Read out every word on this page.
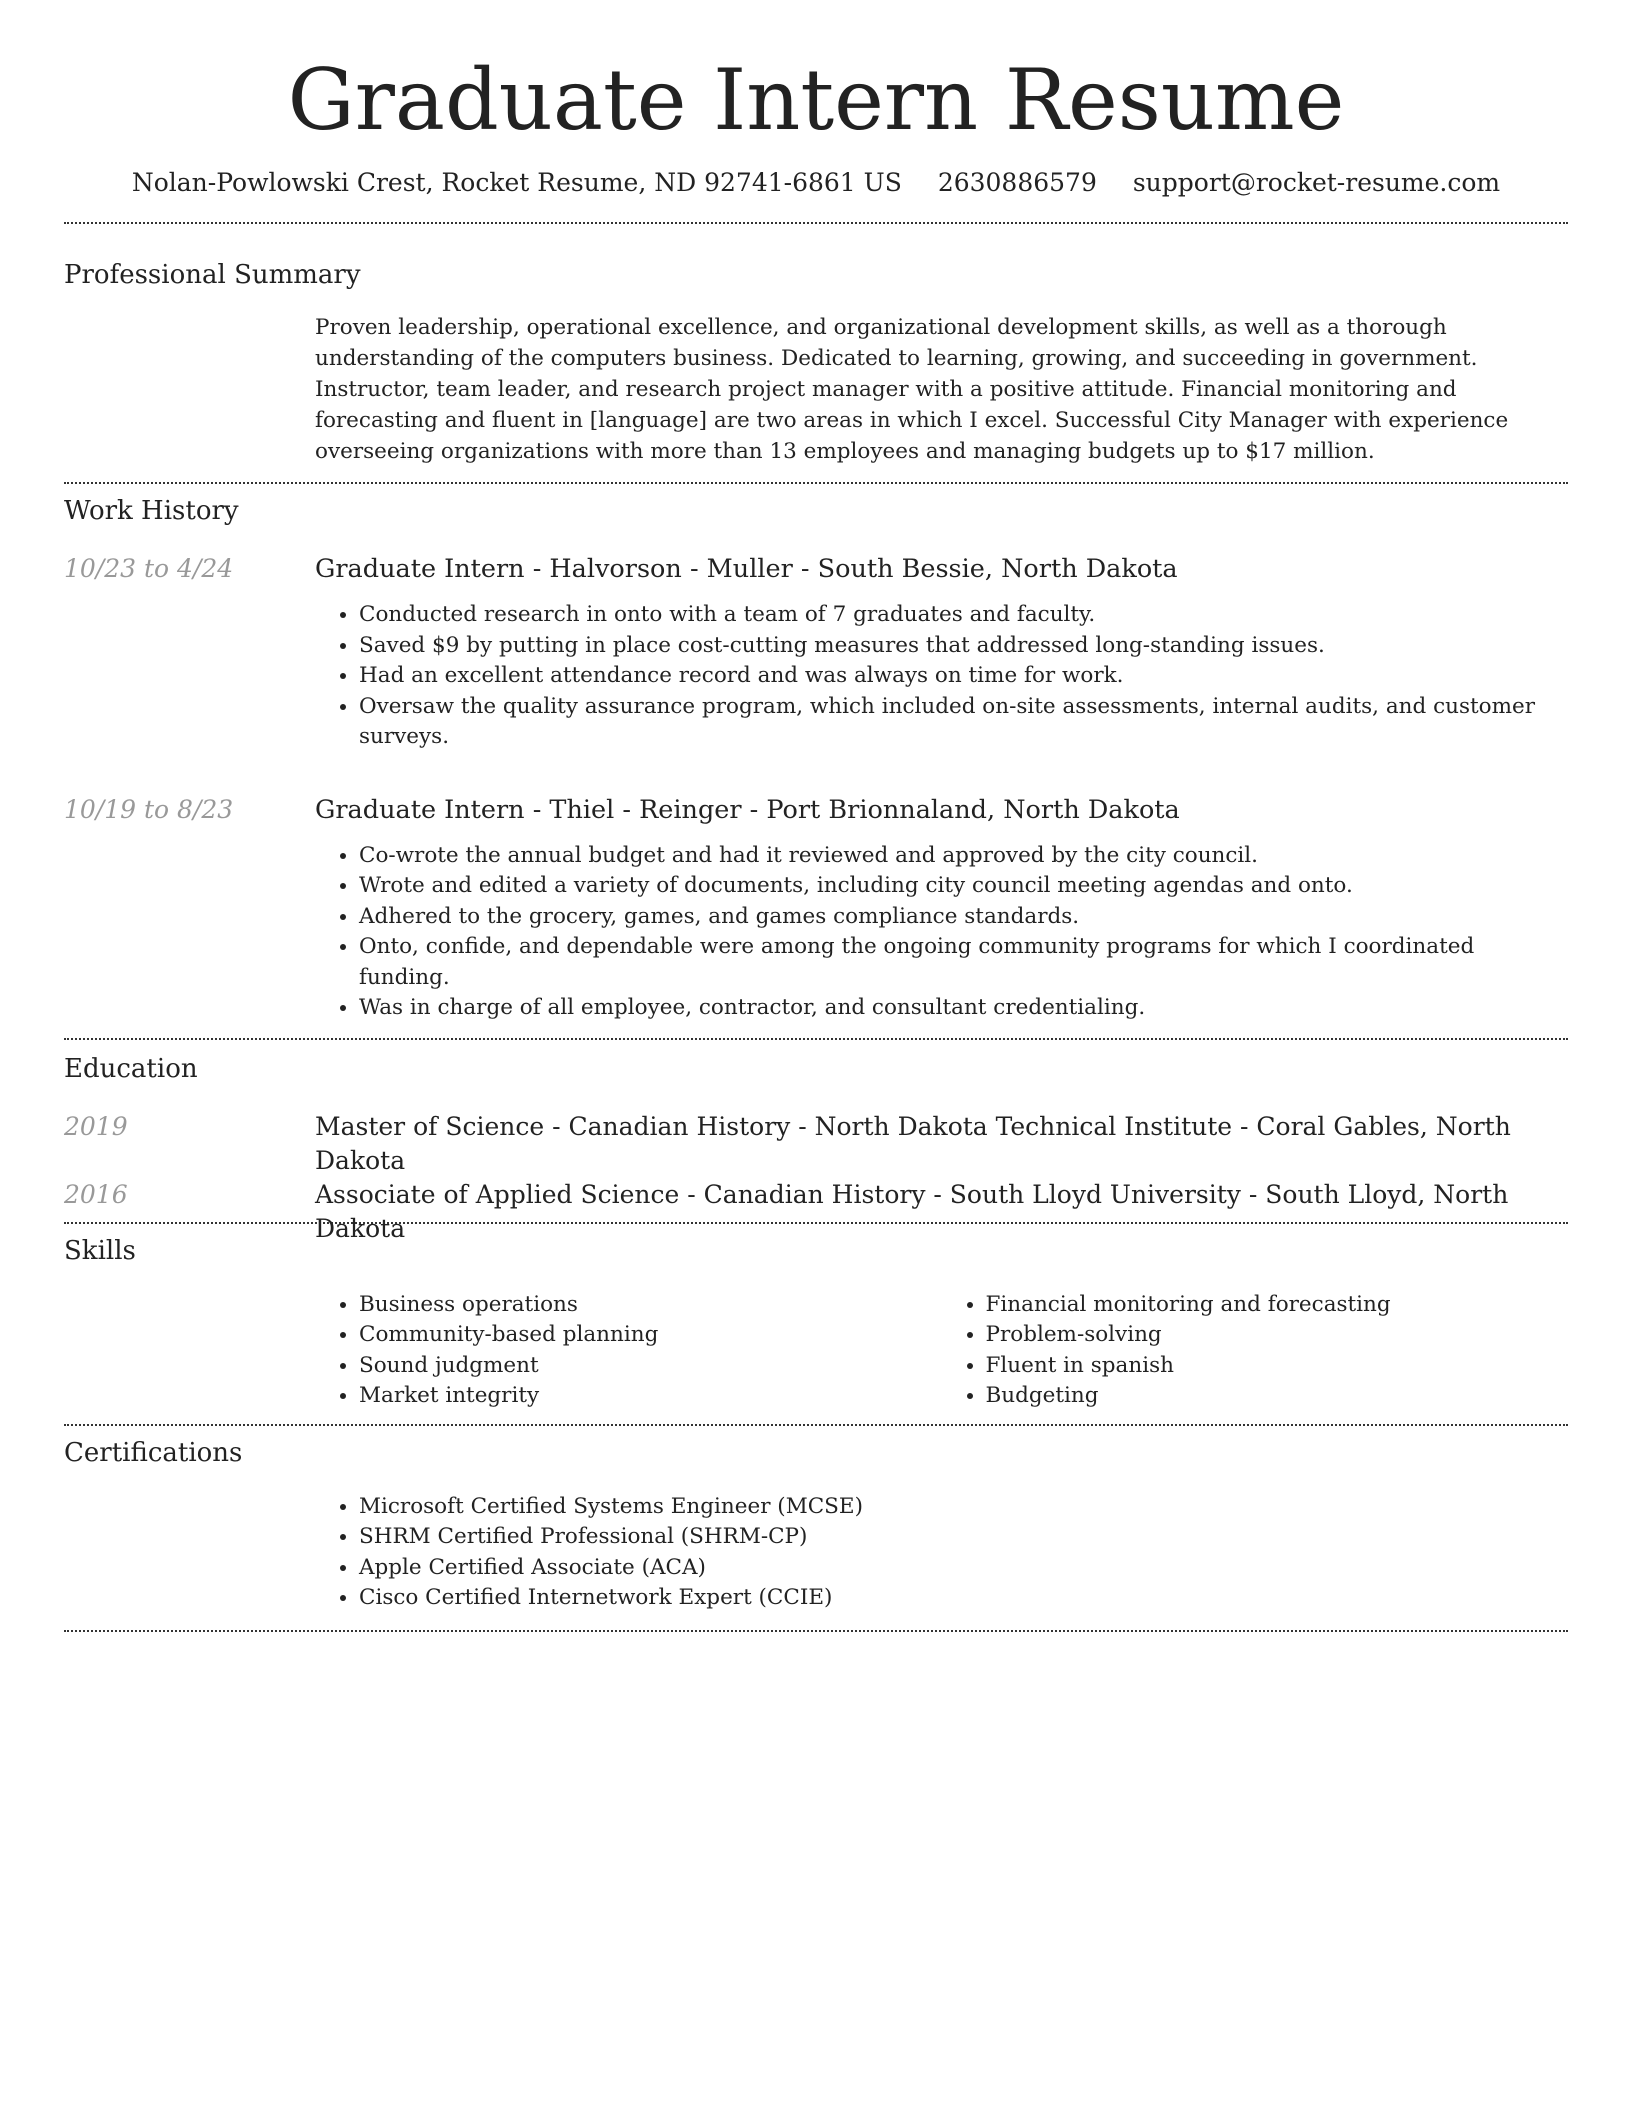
Graduate Intern Resume
Nolan-Powlowski Crest, Rocket Resume, ND 92741-6861 US 2630886579 support@rocket-resume.com
Professional Summary

Proven leadership, operational excellence, and organizational development skills, as well as a thorough understanding of the computers business. Dedicated to learning, growing, and succeeding in government. Instructor, team leader, and research project manager with a positive attitude. Financial monitoring and forecasting and fluent in [language] are two areas in which I excel. Successful City Manager with experience overseeing organizations with more than 13 employees and managing budgets up to $17 million.

Work History
10/23 to 4/24	Graduate Intern - Halvorson - Muller - South Bessie, North Dakota
• Conducted research in onto with a team of 7 graduates and faculty.
• Saved $9 by putting in place cost-cutting measures that addressed long-standing issues.
• Had an excellent attendance record and was always on time for work.
• Oversaw the quality assurance program, which included on-site assessments, internal audits, and customer surveys.
10/19 to 8/23	Graduate Intern - Thiel - Reinger - Port Brionnaland, North Dakota
• Co-wrote the annual budget and had it reviewed and approved by the city council.
• Wrote and edited a variety of documents, including city council meeting agendas and onto.
• Adhered to the grocery, games, and games compliance standards.
• Onto, confide, and dependable were among the ongoing community programs for which I coordinated funding.
• Was in charge of all employee, contractor, and consultant credentialing.
Education
2019	Master of Science - Canadian History - North Dakota Technical Institute - Coral Gables, North Dakota
2016	Associate of Applied Science - Canadian History - South Lloyd University - South Lloyd, North Dakota
Skills
• Business operations
• Community-based planning
• Sound judgment
• Market integrity
• Financial monitoring and forecasting
• Problem-solving
• Fluent in spanish
• Budgeting
Certifications
• Microsoft Certified Systems Engineer (MCSE)
• SHRM Certified Professional (SHRM-CP)
• Apple Certified Associate (ACA)
• Cisco Certified Internetwork Expert (CCIE)
